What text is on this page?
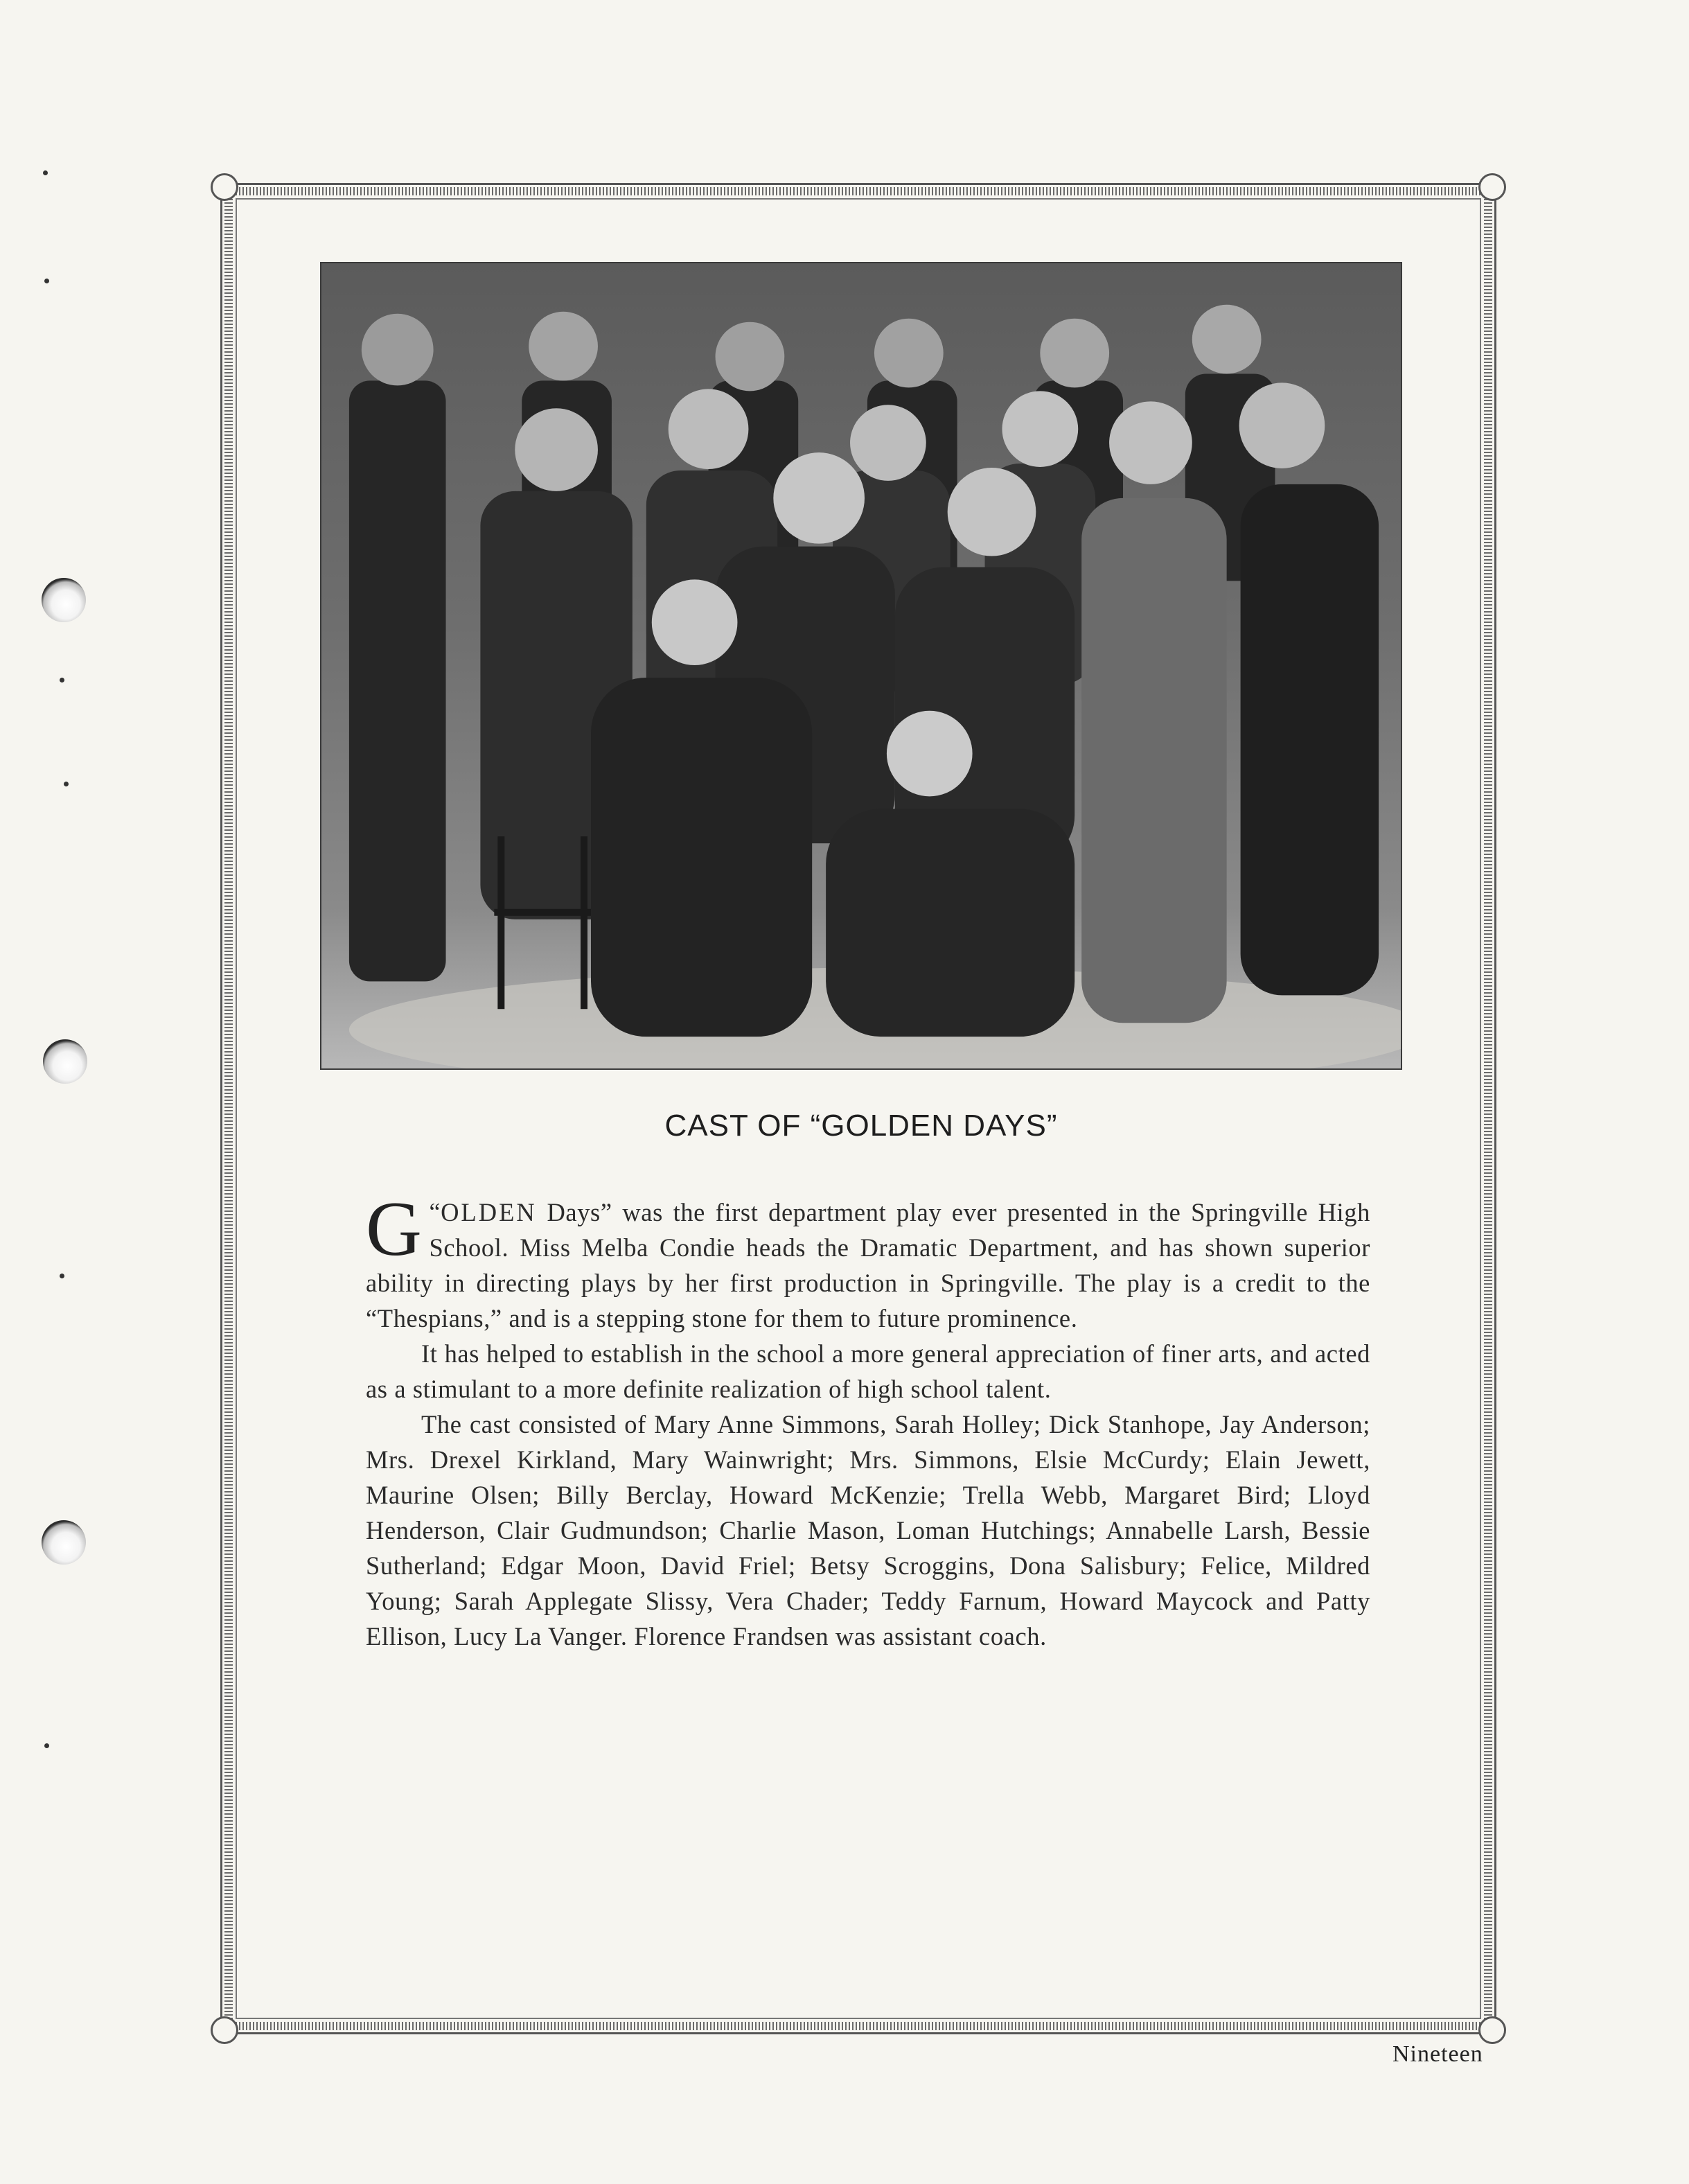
CAST OF “GOLDEN DAYS”

“
G OLDEN Days” was the first department play ever presented in the Springville High School. Miss Melba Condie heads the Dramatic Department, and has shown superior ability in directing plays by her first production in Springville. The play is a credit to the “Thespians,” and is a stepping stone for them to future prominence.

It has helped to establish in the school a more general appreciation of finer arts, and acted as a stimulant to a more definite realization of high school talent.

The cast consisted of Mary Anne Simmons, Sarah Holley; Dick Stanhope, Jay Anderson; Mrs. Drexel Kirkland, Mary Wainwright; Mrs. Simmons, Elsie McCurdy; Elain Jewett, Maurine Olsen; Billy Berclay, Howard McKenzie; Trella Webb, Margaret Bird; Lloyd Henderson, Clair Gudmundson; Charlie Mason, Loman Hutchings; Annabelle Larsh, Bessie Sutherland; Edgar Moon, David Friel; Betsy Scroggins, Dona Salisbury; Felice, Mildred Young; Sarah Applegate Slissy, Vera Chader; Teddy Farnum, Howard Maycock and Patty Ellison, Lucy La Vanger. Florence Frandsen was assistant coach.

Nineteen
